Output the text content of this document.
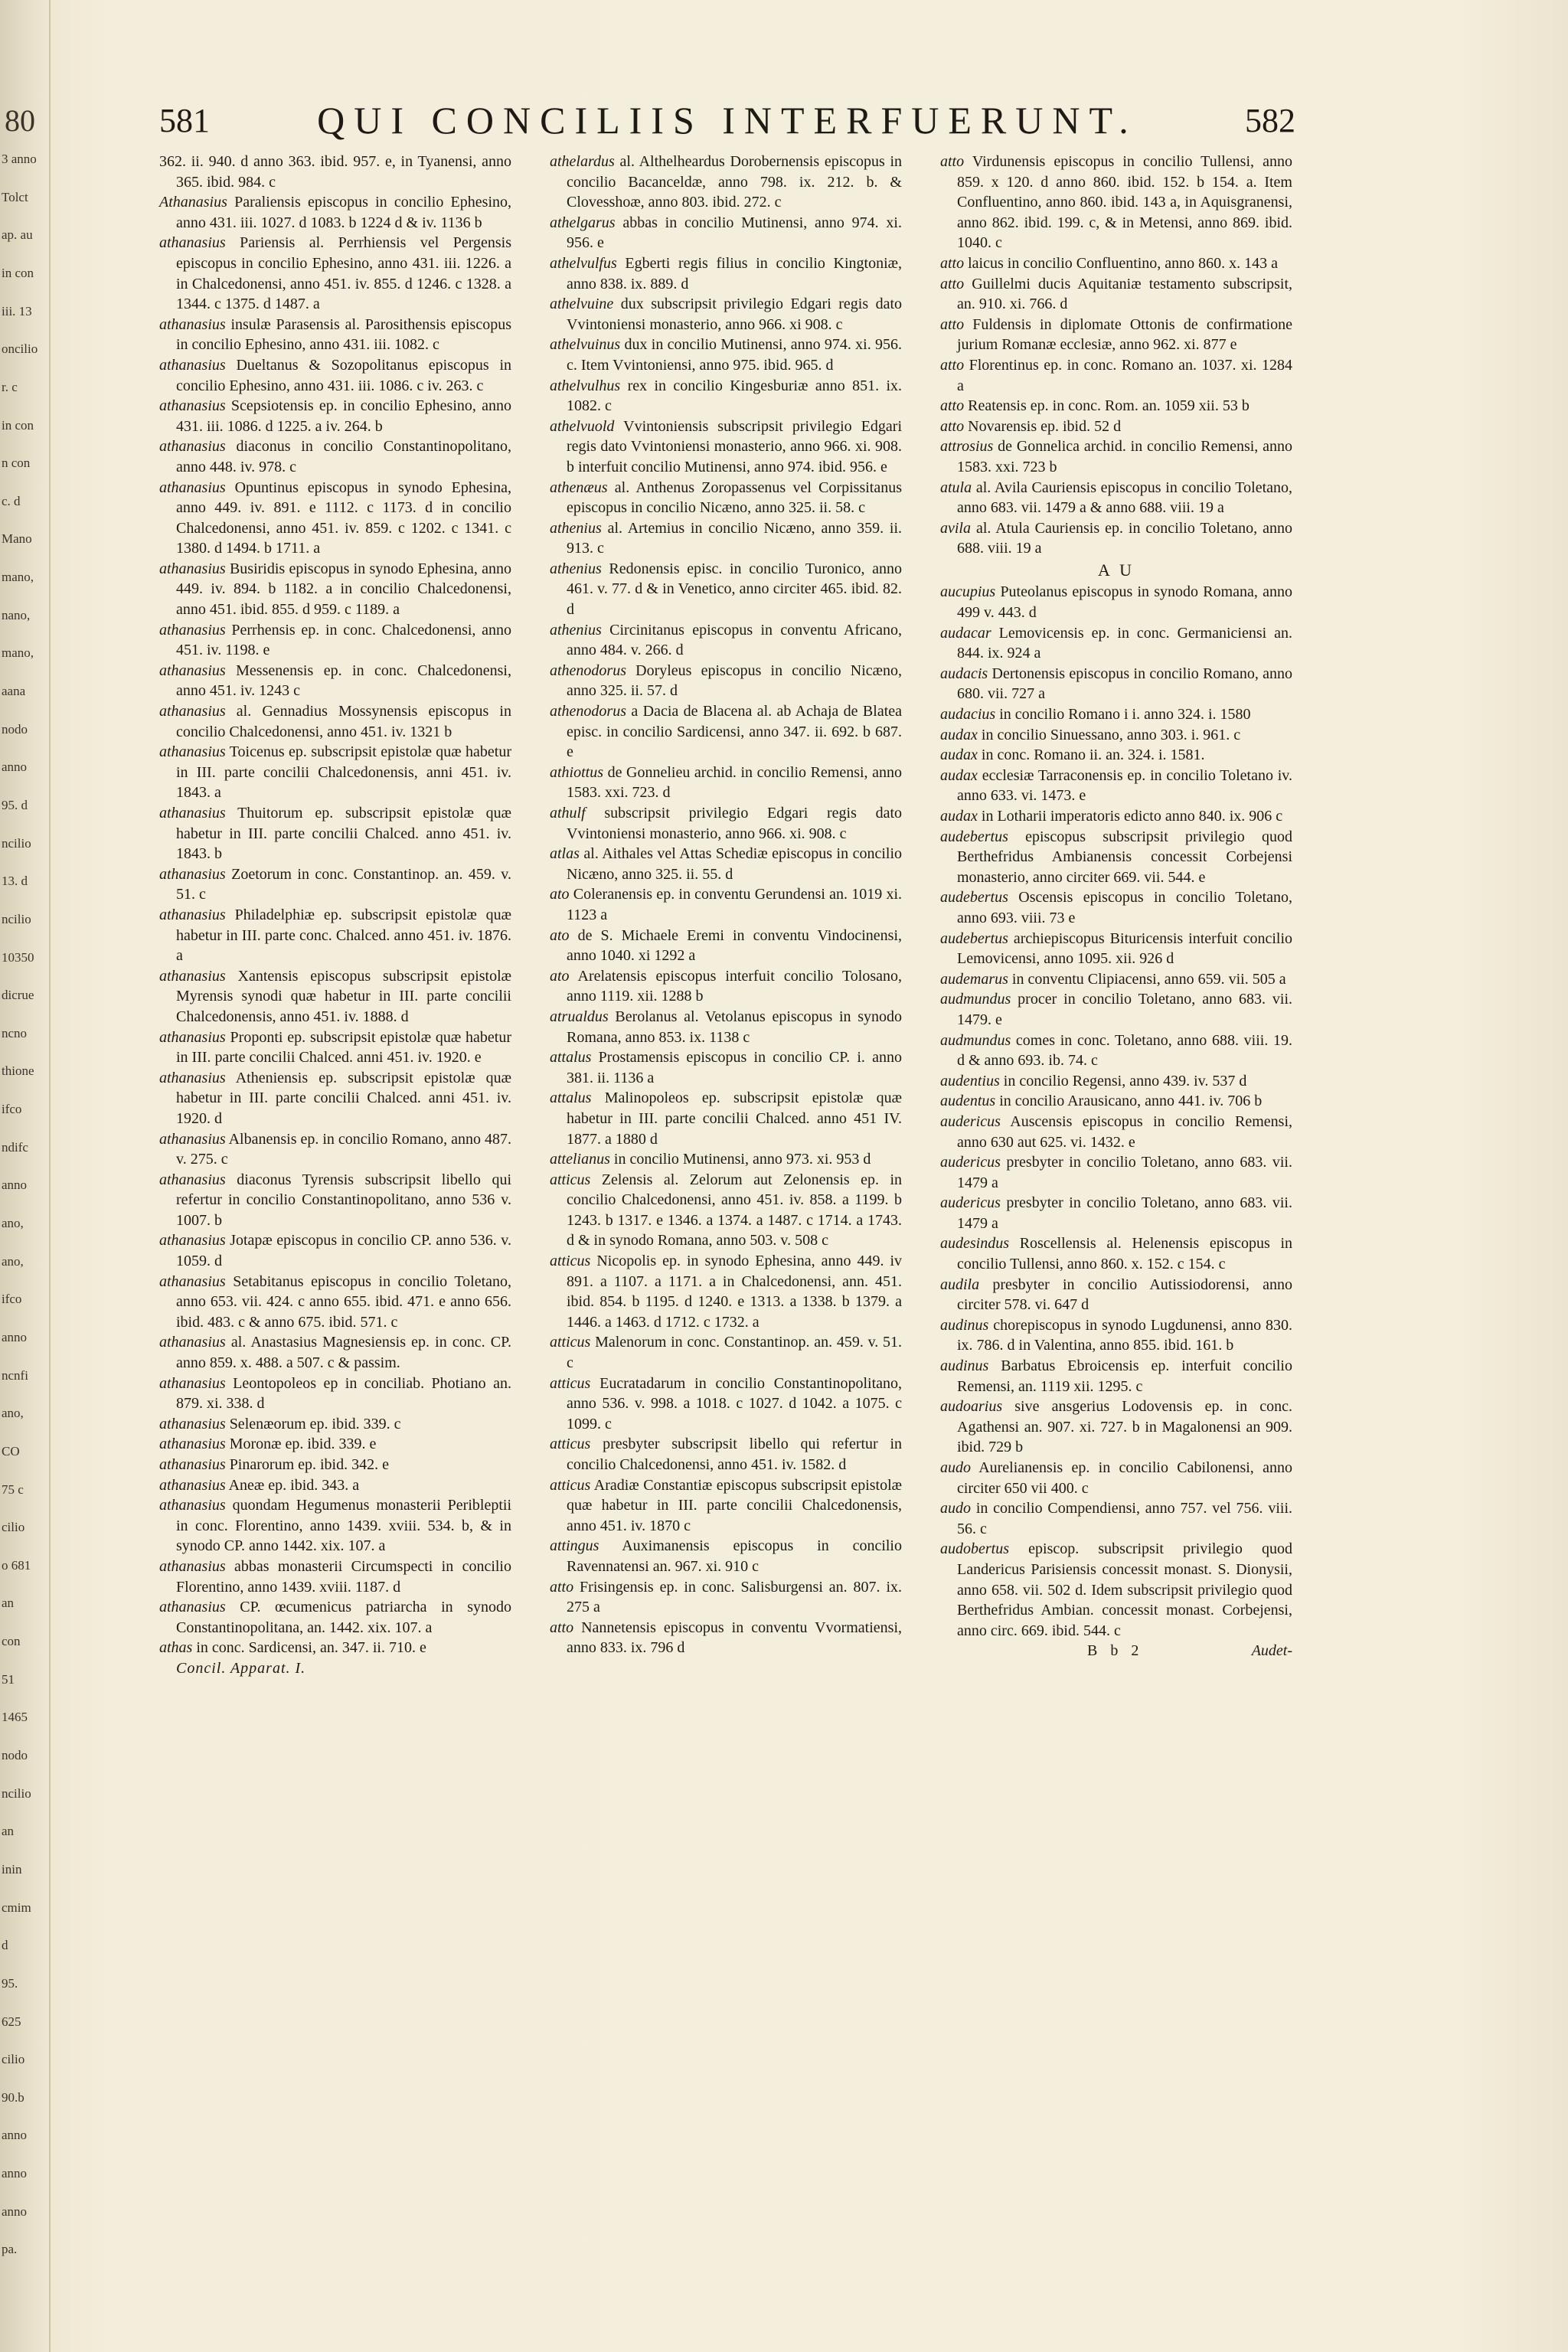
80
3 anno
Tolct
ap. au
in con
iii. 13
oncilio
r. c
in con
n con
c. d
Mano
mano,
nano,
mano,
aana
nodo
anno
95. d
ncilio
13. d
ncilio
10350
dicrue
ncno
thione
ifco
ndifc
anno
ano,
ano,
ifco
anno
ncnfi
ano,
CO
75 c
cilio
o 681
an
con
51
1465
nodo
ncilio
an
inin
cmim
d
95.
625
cilio
90.b
anno
anno
anno
pa.
581	QUI CONCILIIS INTERFUERUNT.	582
362. ii. 940. d anno 363. ibid. 957. e, in Tyanensi, anno 365. ibid. 984. c
Athanasius Paraliensis episcopus in concilio Ephesino, anno 431. iii. 1027. d 1083. b 1224 d & iv. 1136 b
athanasius Pariensis al. Perrhiensis vel Pergensis episcopus in concilio Ephesino, anno 431. iii. 1226. a in Chalcedonensi, anno 451. iv. 855. d 1246. c 1328. a 1344. c 1375. d 1487. a
athanasius insulæ Parasensis al. Parosithensis episcopus in concilio Ephesino, anno 431. iii. 1082. c
athanasius Dueltanus & Sozopolitanus episcopus in concilio Ephesino, anno 431. iii. 1086. c iv. 263. c
athanasius Scepsiotensis ep. in concilio Ephesino, anno 431. iii. 1086. d 1225. a iv. 264. b
athanasius diaconus in concilio Constantinopolitano, anno 448. iv. 978. c
athanasius Opuntinus episcopus in synodo Ephesina, anno 449. iv. 891. e 1112. c 1173. d in concilio Chalcedonensi, anno 451. iv. 859. c 1202. c 1341. c 1380. d 1494. b 1711. a
athanasius Busiridis episcopus in synodo Ephesina, anno 449. iv. 894. b 1182. a in concilio Chalcedonensi, anno 451. ibid. 855. d 959. c 1189. a
athanasius Perrhensis ep. in conc. Chalcedonensi, anno 451. iv. 1198. e
athanasius Messenensis ep. in conc. Chalcedonensi, anno 451. iv. 1243 c
athanasius al. Gennadius Mossynensis episcopus in concilio Chalcedonensi, anno 451. iv. 1321 b
athanasius Toicenus ep. subscripsit epistolæ quæ habetur in III. parte concilii Chalcedonensis, anni 451. iv. 1843. a
athanasius Thuitorum ep. subscripsit epistolæ quæ habetur in III. parte concilii Chalced. anno 451. iv. 1843. b
athanasius Zoetorum in conc. Constantinop. an. 459. v. 51. c
athanasius Philadelphiæ ep. subscripsit epistolæ quæ habetur in III. parte conc. Chalced. anno 451. iv. 1876. a
athanasius Xantensis episcopus subscripsit epistolæ Myrensis synodi quæ habetur in III. parte concilii Chalcedonensis, anno 451. iv. 1888. d
athanasius Proponti ep. subscripsit epistolæ quæ habetur in III. parte concilii Chalced. anni 451. iv. 1920. e
athanasius Atheniensis ep. subscripsit epistolæ quæ habetur in III. parte concilii Chalced. anni 451. iv. 1920. d
athanasius Albanensis ep. in concilio Romano, anno 487. v. 275. c
athanasius diaconus Tyrensis subscripsit libello qui refertur in concilio Constantinopolitano, anno 536 v. 1007. b
athanasius Jotapæ episcopus in concilio CP. anno 536. v. 1059. d
athanasius Setabitanus episcopus in concilio Toletano, anno 653. vii. 424. c anno 655. ibid. 471. e anno 656. ibid. 483. c & anno 675. ibid. 571. c
athanasius al. Anastasius Magnesiensis ep. in conc. CP. anno 859. x. 488. a 507. c & passim.
athanasius Leontopoleos ep in conciliab. Photiano an. 879. xi. 338. d
athanasius Selenæorum ep. ibid. 339. c
athanasius Moronæ ep. ibid. 339. e
athanasius Pinarorum ep. ibid. 342. e
athanasius Aneæ ep. ibid. 343. a
athanasius quondam Hegumenus monasterii Peribleptii in conc. Florentino, anno 1439. xviii. 534. b, & in synodo CP. anno 1442. xix. 107. a
athanasius abbas monasterii Circumspecti in concilio Florentino, anno 1439. xviii. 1187. d
athanasius CP. œcumenicus patriarcha in synodo Constantinopolitana, an. 1442. xix. 107. a
athas in conc. Sardicensi, an. 347. ii. 710. e
Concil. Apparat. I.
athelardus al. Althelheardus Dorobernensis episcopus in concilio Bacanceldæ, anno 798. ix. 212. b. & Clovesshoæ, anno 803. ibid. 272. c
athelgarus abbas in concilio Mutinensi, anno 974. xi. 956. e
athelvulfus Egberti regis filius in concilio Kingtoniæ, anno 838. ix. 889. d
athelvuine dux subscripsit privilegio Edgari regis dato Vvintoniensi monasterio, anno 966. xi 908. c
athelvuinus dux in concilio Mutinensi, anno 974. xi. 956. c. Item Vvintoniensi, anno 975. ibid. 965. d
athelvulhus rex in concilio Kingesburiæ anno 851. ix. 1082. c
athelvuold Vvintoniensis subscripsit privilegio Edgari regis dato Vvintoniensi monasterio, anno 966. xi. 908. b interfuit concilio Mutinensi, anno 974. ibid. 956. e
athenæus al. Anthenus Zoropassenus vel Corpissitanus episcopus in concilio Nicæno, anno 325. ii. 58. c
athenius al. Artemius in concilio Nicæno, anno 359. ii. 913. c
athenius Redonensis episc. in concilio Turonico, anno 461. v. 77. d & in Venetico, anno circiter 465. ibid. 82. d
athenius Circinitanus episcopus in conventu Africano, anno 484. v. 266. d
athenodorus Doryleus episcopus in concilio Nicæno, anno 325. ii. 57. d
athenodorus a Dacia de Blacena al. ab Achaja de Blatea episc. in concilio Sardicensi, anno 347. ii. 692. b 687. e
athiottus de Gonnelieu archid. in concilio Remensi, anno 1583. xxi. 723. d
athulf subscripsit privilegio Edgari regis dato Vvintoniensi monasterio, anno 966. xi. 908. c
atlas al. Aithales vel Attas Schediæ episcopus in concilio Nicæno, anno 325. ii. 55. d
ato Coleranensis ep. in conventu Gerundensi an. 1019 xi. 1123 a
ato de S. Michaele Eremi in conventu Vindocinensi, anno 1040. xi 1292 a
ato Arelatensis episcopus interfuit concilio Tolosano, anno 1119. xii. 1288 b
atrualdus Berolanus al. Vetolanus episcopus in synodo Romana, anno 853. ix. 1138 c
attalus Prostamensis episcopus in concilio CP. i. anno 381. ii. 1136 a
attalus Malinopoleos ep. subscripsit epistolæ quæ habetur in III. parte concilii Chalced. anno 451 IV. 1877. a 1880 d
attelianus in concilio Mutinensi, anno 973. xi. 953 d
atticus Zelensis al. Zelorum aut Zelonensis ep. in concilio Chalcedonensi, anno 451. iv. 858. a 1199. b 1243. b 1317. e 1346. a 1374. a 1487. c 1714. a 1743. d & in synodo Romana, anno 503. v. 508 c
atticus Nicopolis ep. in synodo Ephesina, anno 449. iv 891. a 1107. a 1171. a in Chalcedonensi, ann. 451. ibid. 854. b 1195. d 1240. e 1313. a 1338. b 1379. a 1446. a 1463. d 1712. c 1732. a
atticus Malenorum in conc. Constantinop. an. 459. v. 51. c
atticus Eucratadarum in concilio Constantinopolitano, anno 536. v. 998. a 1018. c 1027. d 1042. a 1075. c 1099. c
atticus presbyter subscripsit libello qui refertur in concilio Chalcedonensi, anno 451. iv. 1582. d
atticus Aradiæ Constantiæ episcopus subscripsit epistolæ quæ habetur in III. parte concilii Chalcedonensis, anno 451. iv. 1870 c
attingus Auximanensis episcopus in concilio Ravennatensi an. 967. xi. 910 c
atto Frisingensis ep. in conc. Salisburgensi an. 807. ix. 275 a
atto Nannetensis episcopus in conventu Vvormatiensi, anno 833. ix. 796 d
atto Virdunensis episcopus in concilio Tullensi, anno 859. x 120. d anno 860. ibid. 152. b 154. a. Item Confluentino, anno 860. ibid. 143 a, in Aquisgranensi, anno 862. ibid. 199. c, & in Metensi, anno 869. ibid. 1040. c
atto laicus in concilio Confluentino, anno 860. x. 143 a
atto Guillelmi ducis Aquitaniæ testamento subscripsit, an. 910. xi. 766. d
atto Fuldensis in diplomate Ottonis de confirmatione jurium Romanæ ecclesiæ, anno 962. xi. 877 e
atto Florentinus ep. in conc. Romano an. 1037. xi. 1284 a
atto Reatensis ep. in conc. Rom. an. 1059 xii. 53 b
atto Novarensis ep. ibid. 52 d
attrosius de Gonnelica archid. in concilio Remensi, anno 1583. xxi. 723 b
atula al. Avila Cauriensis episcopus in concilio Toletano, anno 683. vii. 1479 a & anno 688. viii. 19 a
avila al. Atula Cauriensis ep. in concilio Toletano, anno 688. viii. 19 a
A U
aucupius Puteolanus episcopus in synodo Romana, anno 499 v. 443. d
audacar Lemovicensis ep. in conc. Germaniciensi an. 844. ix. 924 a
audacis Dertonensis episcopus in concilio Romano, anno 680. vii. 727 a
audacius in concilio Romano i i. anno 324. i. 1580
audax in concilio Sinuessano, anno 303. i. 961. c
audax in conc. Romano ii. an. 324. i. 1581.
audax ecclesiæ Tarraconensis ep. in concilio Toletano iv. anno 633. vi. 1473. e
audax in Lotharii imperatoris edicto anno 840. ix. 906 c
audebertus episcopus subscripsit privilegio quod Berthefridus Ambianensis concessit Corbejensi monasterio, anno circiter 669. vii. 544. e
audebertus Oscensis episcopus in concilio Toletano, anno 693. viii. 73 e
audebertus archiepiscopus Bituricensis interfuit concilio Lemovicensi, anno 1095. xii. 926 d
audemarus in conventu Clipiacensi, anno 659. vii. 505 a
audmundus procer in concilio Toletano, anno 683. vii. 1479. e
audmundus comes in conc. Toletano, anno 688. viii. 19. d & anno 693. ib. 74. c
audentius in concilio Regensi, anno 439. iv. 537 d
audentus in concilio Arausicano, anno 441. iv. 706 b
audericus Auscensis episcopus in concilio Remensi, anno 630 aut 625. vi. 1432. e
audericus presbyter in concilio Toletano, anno 683. vii. 1479 a
audericus presbyter in concilio Toletano, anno 683. vii. 1479 a
audesindus Roscellensis al. Helenensis episcopus in concilio Tullensi, anno 860. x. 152. c 154. c
audila presbyter in concilio Autissiodorensi, anno circiter 578. vi. 647 d
audinus chorepiscopus in synodo Lugdunensi, anno 830. ix. 786. d in Valentina, anno 855. ibid. 161. b
audinus Barbatus Ebroicensis ep. interfuit concilio Remensi, an. 1119 xii. 1295. c
audoarius sive ansgerius Lodovensis ep. in conc. Agathensi an. 907. xi. 727. b in Magalonensi an 909. ibid. 729 b
audo Aurelianensis ep. in concilio Cabilonensi, anno circiter 650 vii 400. c
audo in concilio Compendiensi, anno 757. vel 756. viii. 56. c
audobertus episcop. subscripsit privilegio quod Landericus Parisiensis concessit monast. S. Dionysii, anno 658. vii. 502 d. Idem subscripsit privilegio quod Berthefridus Ambian. concessit monast. Corbejensi, anno circ. 669. ibid. 544. c
B b 2	Audet-
